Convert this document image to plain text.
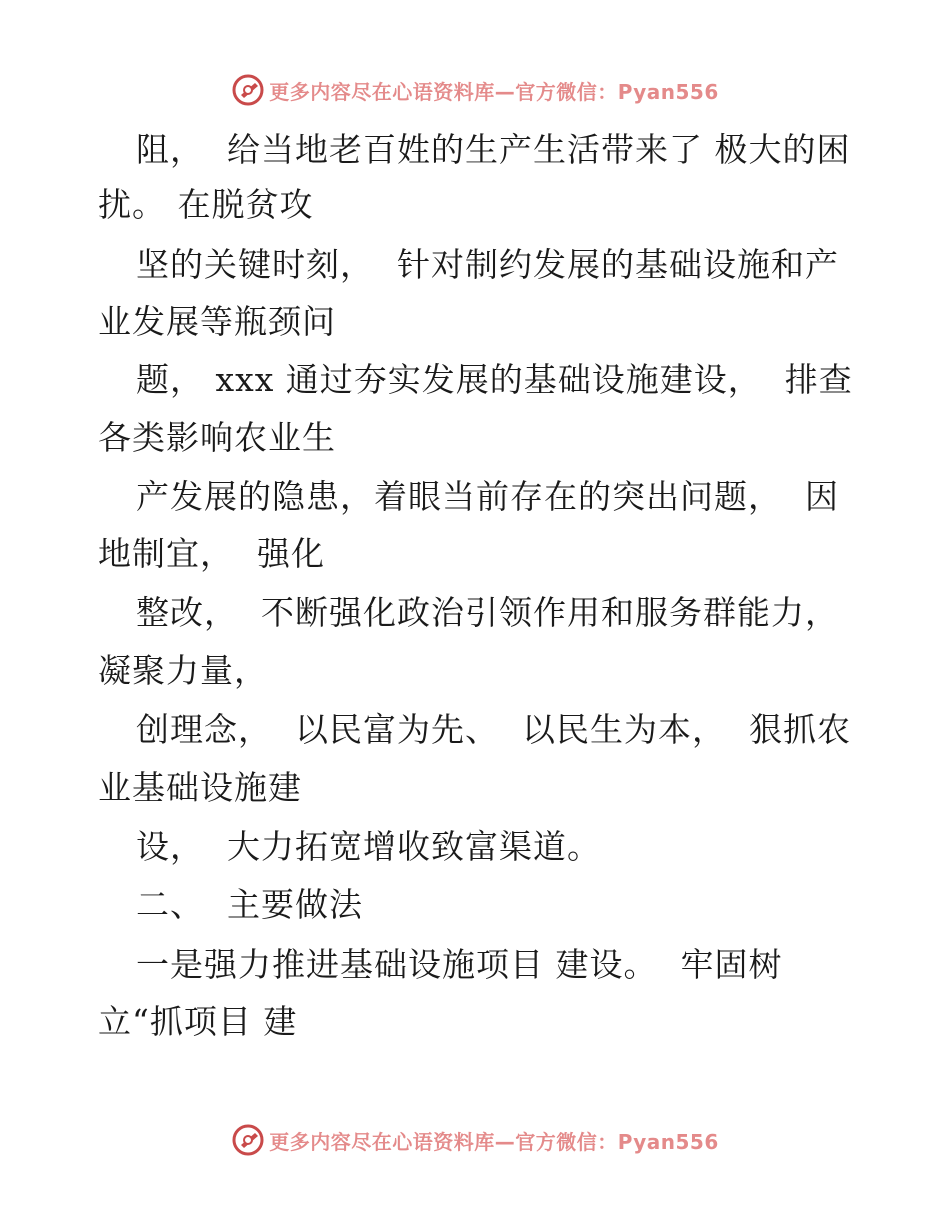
更多内容尽在心语资料库—官方微信：Pyan556
阻，  给当地老百姓的生产生活带来了 极大的困
扰。 在脱贫攻
坚的关键时刻，  针对制约发展的基础设施和产
业发展等瓶颈问
题， xxx 通过夯实发展的基础设施建设，  排查
各类影响农业生
产发展的隐患，着眼当前存在的突出问题，  因
地制宜，  强化
整改，  不断强化政治引领作用和服务群能力，
凝聚力量，
创理念，  以民富为先、  以民生为本，  狠抓农
业基础设施建
设，  大力拓宽增收致富渠道。
二、  主要做法
一是强力推进基础设施项目 建设。  牢固树
立“抓项目 建
更多内容尽在心语资料库—官方微信：Pyan556
